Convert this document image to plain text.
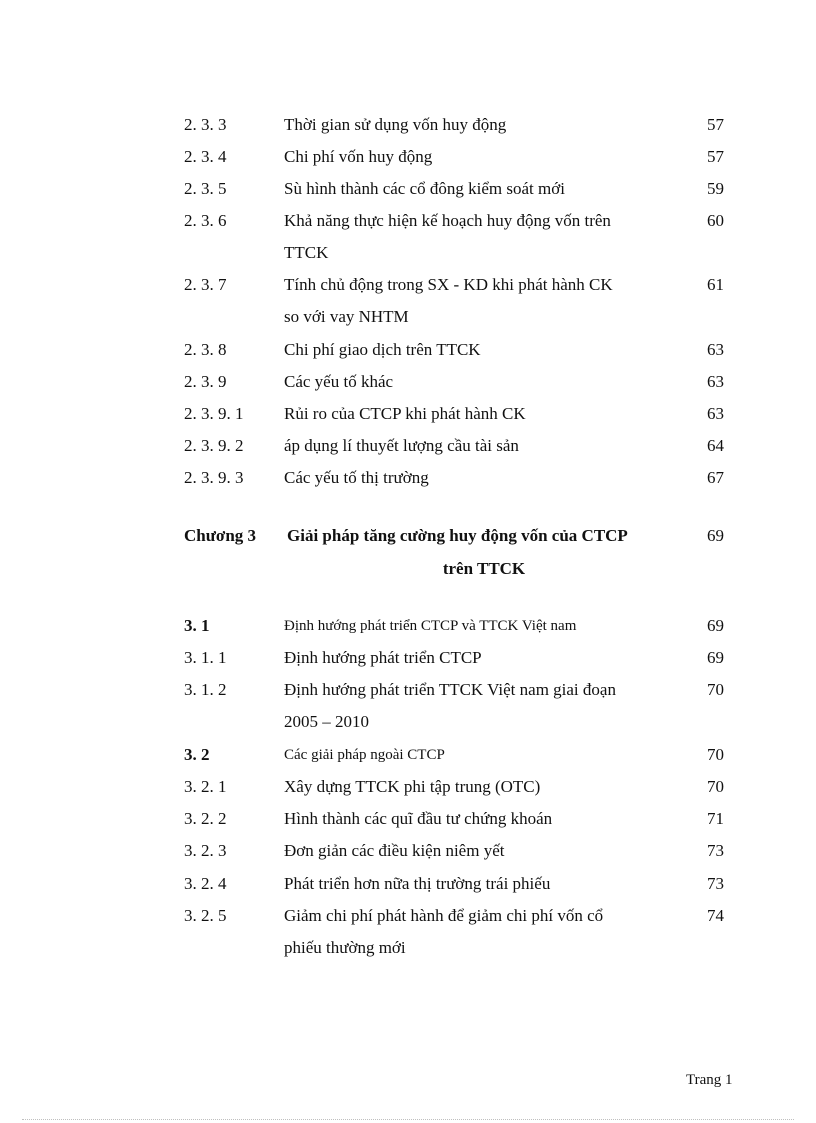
2. 3. 3	Thời gian sử dụng vốn huy động	57
2. 3. 4	Chi phí vốn huy động	57
2. 3. 5	Sù hình thành các cổ đông kiểm soát mới	59
2. 3. 6	Khả năng thực hiện kế hoạch huy động vốn trên	60
TTCK
2. 3. 7	Tính chủ động trong SX - KD khi phát hành CK	61
so với vay NHTM
2. 3. 8	Chi phí giao dịch trên TTCK	63
2. 3. 9	Các yếu tố khác	63
2. 3. 9. 1 Rủi ro của CTCP khi phát hành CK	63
2. 3. 9. 2 áp dụng lí thuyết lượng cầu tài sản	64
2. 3. 9. 3 Các yếu tố thị trường	67
Chương 3 Giải pháp tăng cường huy động vốn của CTCP	69
trên TTCK
3. 1	Định hướng phát triển CTCP và TTCK Việt nam	69
3. 1. 1	Định hướng phát triển CTCP	69
3. 1. 2	Định hướng phát triển TTCK Việt nam giai đoạn	70
2005 – 2010
3. 2	Các giải pháp ngoài CTCP	70
3. 2. 1	Xây dựng TTCK phi tập trung (OTC)	70
3. 2. 2	Hình thành các quĩ đầu tư chứng khoán	71
3. 2. 3	Đơn giản các điều kiện niêm yết	73
3. 2. 4	Phát triển hơn nữa thị trường trái phiếu	73
3. 2. 5	Giảm chi phí phát hành để giảm chi phí vốn cổ	74
phiếu thường mới
Trang 1
